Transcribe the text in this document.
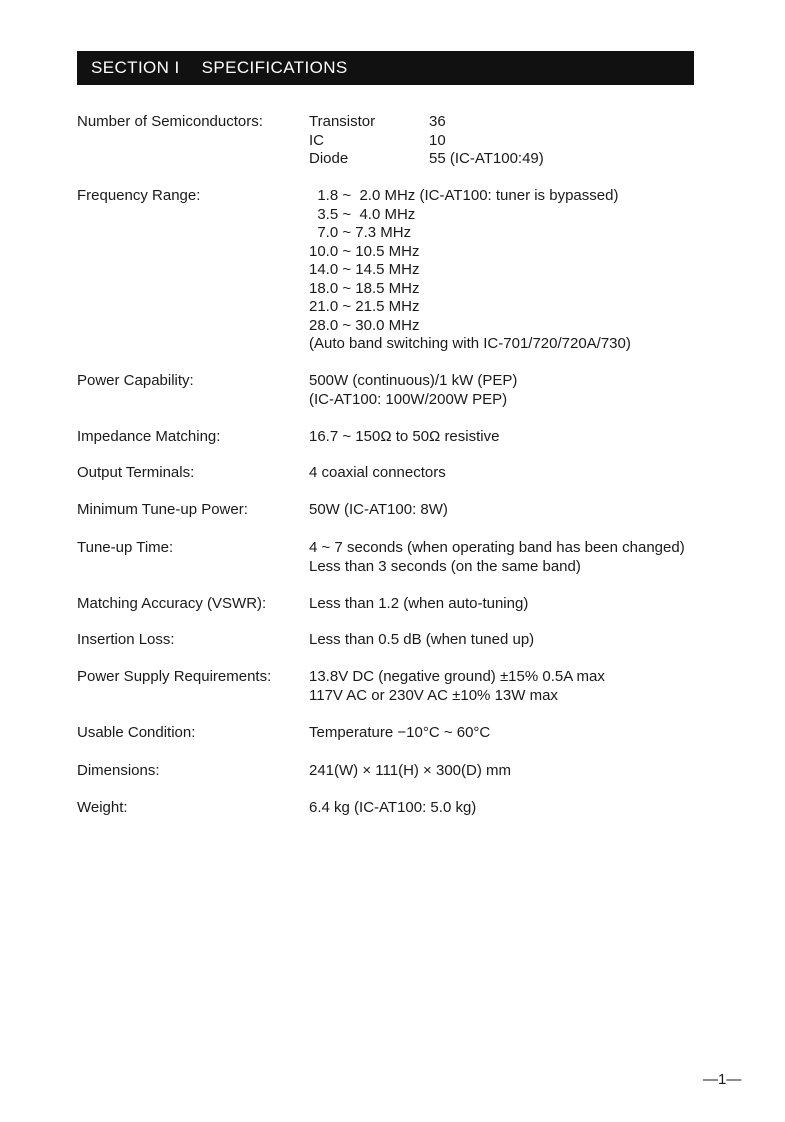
SECTION I SPECIFICATIONS
Number of Semiconductors:	Transistor	36
IC	10
Diode	55 (IC-AT100:49)
Frequency Range:	1.8 ~  2.0 MHz (IC-AT100: tuner is bypassed)
3.5 ~  4.0 MHz
7.0 ~ 7.3 MHz
10.0 ~ 10.5 MHz
14.0 ~ 14.5 MHz
18.0 ~ 18.5 MHz
21.0 ~ 21.5 MHz
28.0 ~ 30.0 MHz
(Auto band switching with IC-701/720/720A/730)
Power Capability:	500W (continuous)/1 kW (PEP)
(IC-AT100: 100W/200W PEP)
Impedance Matching:	16.7 ~ 150Ω to 50Ω resistive
Output Terminals:	4 coaxial connectors
Minimum Tune-up Power:	50W (IC-AT100: 8W)
Tune-up Time:	4 ~ 7 seconds (when operating band has been changed)
Less than 3 seconds (on the same band)
Matching Accuracy (VSWR):	Less than 1.2 (when auto-tuning)
Insertion Loss:	Less than 0.5 dB (when tuned up)
Power Supply Requirements:	13.8V DC (negative ground) ±15% 0.5A max
117V AC or 230V AC ±10% 13W max
Usable Condition:	Temperature −10°C ~ 60°C
Dimensions:	241(W) × 111(H) × 300(D) mm
Weight:	6.4 kg (IC-AT100: 5.0 kg)
—1—
